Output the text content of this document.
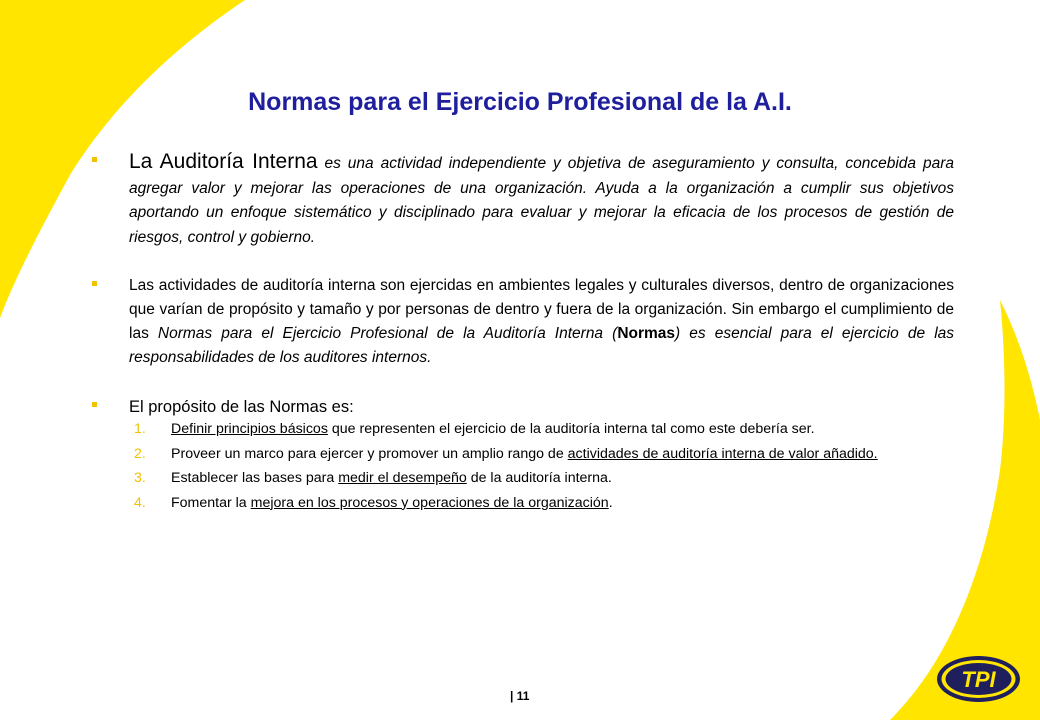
Normas para el Ejercicio Profesional de la A.I.
La Auditoría Interna es una actividad independiente y objetiva de aseguramiento y consulta, concebida para agregar valor y mejorar las operaciones de una organización. Ayuda a la organización a cumplir sus objetivos aportando un enfoque sistemático y disciplinado para evaluar y mejorar la eficacia de los procesos de gestión de riesgos, control y gobierno.
Las actividades de auditoría interna son ejercidas en ambientes legales y culturales diversos, dentro de organizaciones que varían de propósito y tamaño y por personas de dentro y fuera de la organización. Sin embargo el cumplimiento de las Normas para el Ejercicio Profesional de la Auditoría Interna (Normas) es esencial para el ejercicio de las responsabilidades de los auditores internos.
El propósito de las Normas es:
1. Definir principios básicos que representen el ejercicio de la auditoría interna tal como este debería ser.
2. Proveer un marco para ejercer y promover un amplio rango de actividades de auditoría interna de valor añadido.
3. Establecer las bases para medir el desempeño de la auditoría interna.
4. Fomentar la mejora en los procesos y operaciones de la organización.
| 11
TPI
